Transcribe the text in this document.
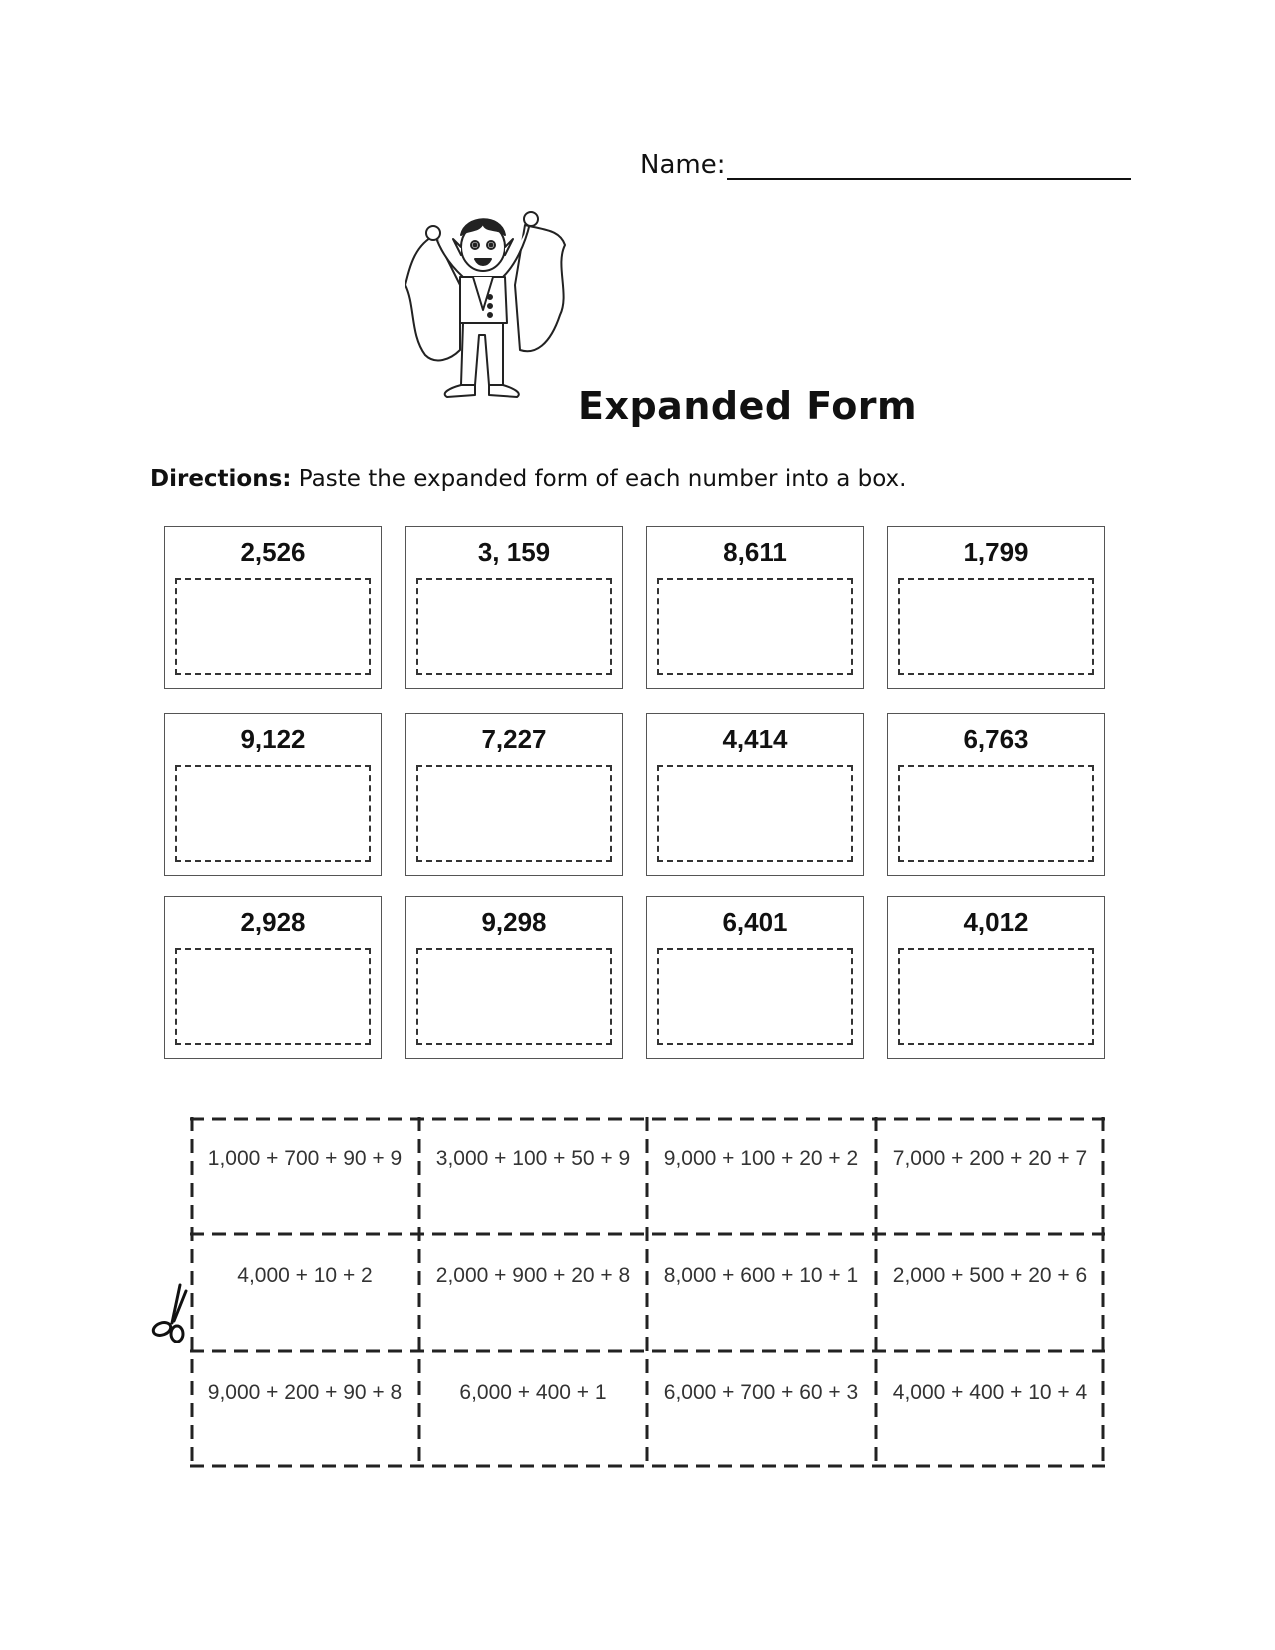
Name:
Expanded Form
Directions: Paste the expanded form of each number into a box.
2,526	3, 159	8,611	1,799
9,122	7,227	4,414	6,763
2,928	9,298	6,401	4,012
1,000 + 700 + 90 + 9	3,000 + 100 + 50 + 9	9,000 + 100 + 20 + 2	7,000 + 200 + 20 + 7
4,000 + 10 + 2	2,000 + 900 + 20 + 8	8,000 + 600 + 10 + 1	2,000 + 500 + 20 + 6
9,000 + 200 + 90 + 8	6,000 + 400 + 1	6,000 + 700 + 60 + 3	4,000 + 400 + 10 + 4
